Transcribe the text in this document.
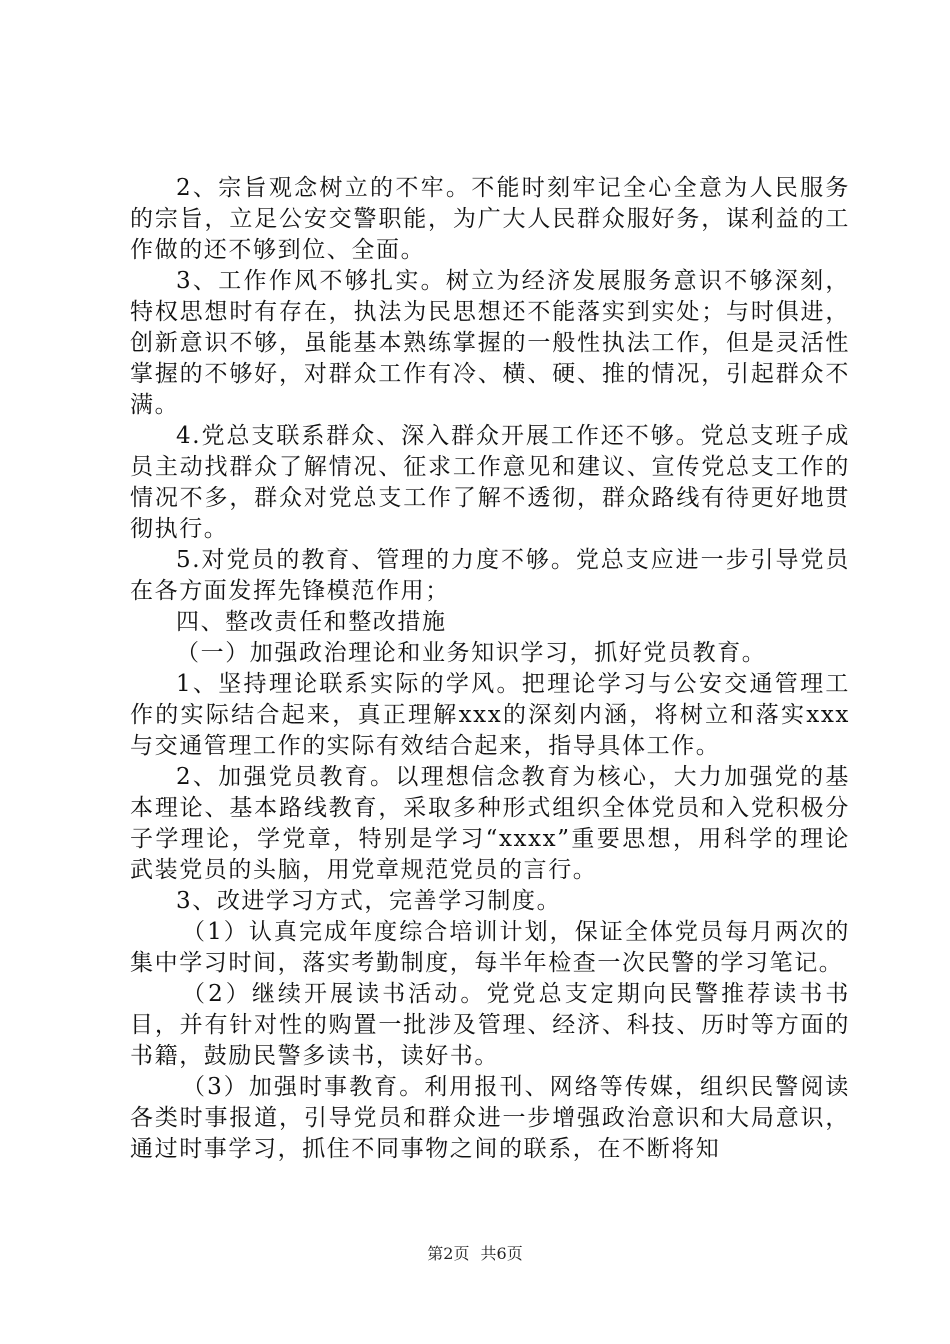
2、宗旨观念树立的不牢。不能时刻牢记全心全意为人民服务的宗旨，立足公安交警职能，为广大人民群众服好务，谋利益的工作做的还不够到位、全面。

3、工作作风不够扎实。树立为经济发展服务意识不够深刻，特权思想时有存在，执法为民思想还不能落实到实处；与时俱进，创新意识不够，虽能基本熟练掌握的一般性执法工作，但是灵活性掌握的不够好，对群众工作有冷、横、硬、推的情况，引起群众不满。

4.党总支联系群众、深入群众开展工作还不够。党总支班子成员主动找群众了解情况、征求工作意见和建议、宣传党总支工作的情况不多，群众对党总支工作了解不透彻，群众路线有待更好地贯彻执行。

5.对党员的教育、管理的力度不够。党总支应进一步引导党员在各方面发挥先锋模范作用；

四、整改责任和整改措施

（一）加强政治理论和业务知识学习，抓好党员教育。

1、坚持理论联系实际的学风。把理论学习与公安交通管理工作的实际结合起来，真正理解xxx的深刻内涵，将树立和落实xxx与交通管理工作的实际有效结合起来，指导具体工作。

2、加强党员教育。以理想信念教育为核心，大力加强党的基本理论、基本路线教育，采取多种形式组织全体党员和入党积极分子学理论，学党章，特别是学习“xxxx”重要思想，用科学的理论武装党员的头脑，用党章规范党员的言行。

3、改进学习方式，完善学习制度。

（1）认真完成年度综合培训计划，保证全体党员每月两次的集中学习时间，落实考勤制度，每半年检查一次民警的学习笔记。

（2）继续开展读书活动。党党总支定期向民警推荐读书书目，并有针对性的购置一批涉及管理、经济、科技、历时等方面的书籍，鼓励民警多读书，读好书。

（3）加强时事教育。利用报刊、网络等传媒，组织民警阅读各类时事报道，引导党员和群众进一步增强政治意识和大局意识，通过时事学习，抓住不同事物之间的联系，在不断将知

第2页 共6页
